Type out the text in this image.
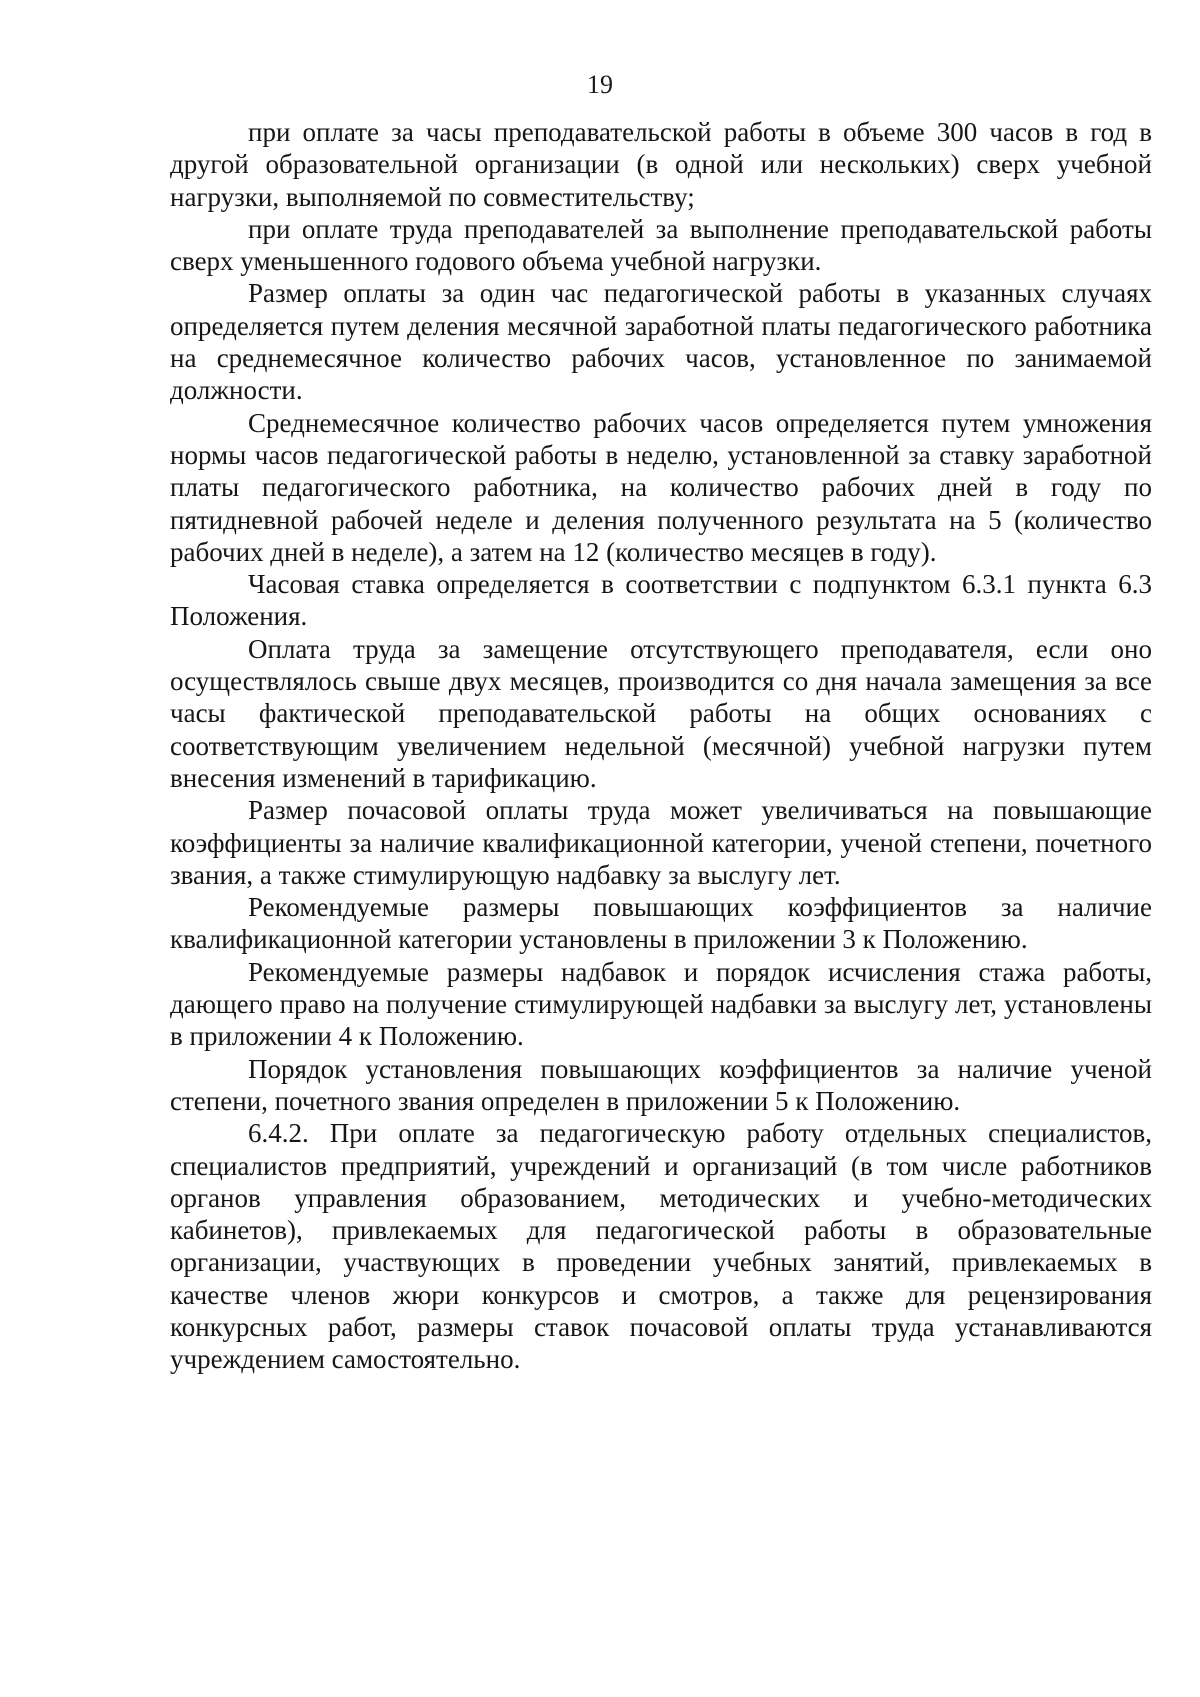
19

при оплате за часы преподавательской работы в объеме 300 часов в год в другой образовательной организации (в одной или нескольких) сверх учебной нагрузки, выполняемой по совместительству;

при оплате труда преподавателей за выполнение преподавательской работы сверх уменьшенного годового объема учебной нагрузки.

Размер оплаты за один час педагогической работы в указанных случаях определяется путем деления месячной заработной платы педагогического работника на среднемесячное количество рабочих часов, установленное по занимаемой должности.

Среднемесячное количество рабочих часов определяется путем умножения нормы часов педагогической работы в неделю, установленной за ставку заработной платы педагогического работника, на количество рабочих дней в году по пятидневной рабочей неделе и деления полученного результата на 5 (количество рабочих дней в неделе), а затем на 12 (количество месяцев в году).

Часовая ставка определяется в соответствии с подпунктом 6.3.1 пункта 6.3 Положения.

Оплата труда за замещение отсутствующего преподавателя, если оно осуществлялось свыше двух месяцев, производится со дня начала замещения за все часы фактической преподавательской работы на общих основаниях с соответствующим увеличением недельной (месячной) учебной нагрузки путем внесения изменений в тарификацию.

Размер почасовой оплаты труда может увеличиваться на повышающие коэффициенты за наличие квалификационной категории, ученой степени, почетного звания, а также стимулирующую надбавку за выслугу лет.

Рекомендуемые размеры повышающих коэффициентов за наличие квалификационной категории установлены в приложении 3 к Положению.

Рекомендуемые размеры надбавок и порядок исчисления стажа работы, дающего право на получение стимулирующей надбавки за выслугу лет, установлены в приложении 4 к Положению.

Порядок установления повышающих коэффициентов за наличие ученой степени, почетного звания определен в приложении 5 к Положению.

6.4.2. При оплате за педагогическую работу отдельных специалистов, специалистов предприятий, учреждений и организаций (в том числе работников органов управления образованием, методических и учебно-методических кабинетов), привлекаемых для педагогической работы в образовательные организации, участвующих в проведении учебных занятий, привлекаемых в качестве членов жюри конкурсов и смотров, а также для рецензирования конкурсных работ, размеры ставок почасовой оплаты труда устанавливаются учреждением самостоятельно.
